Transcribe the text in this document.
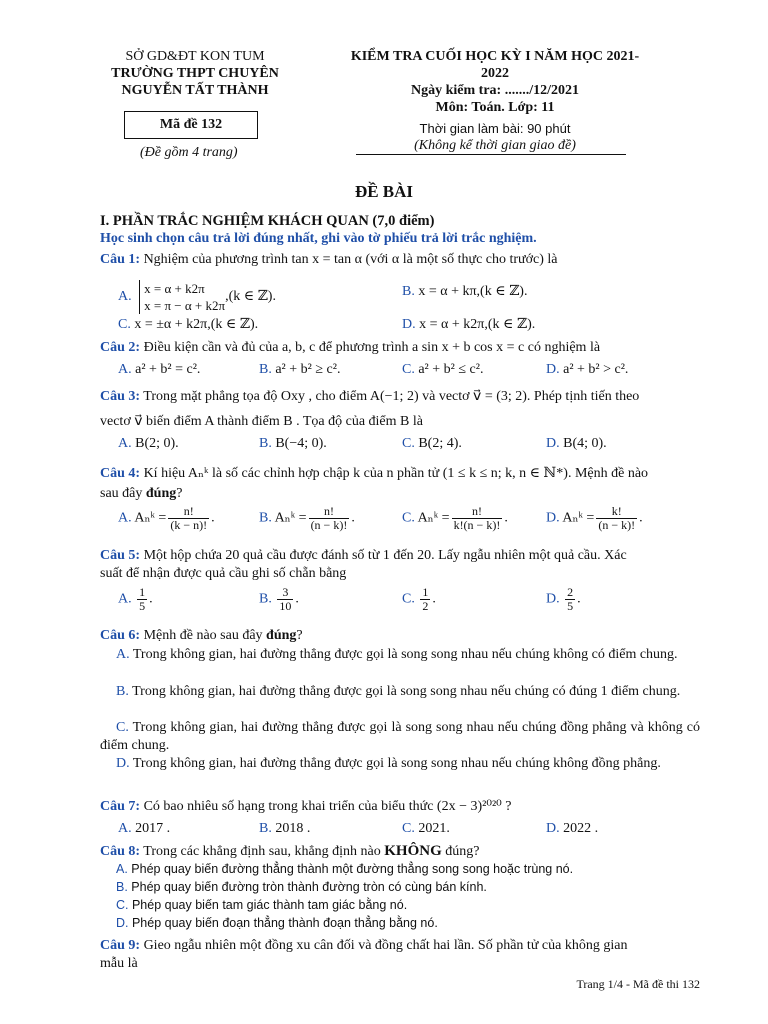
SỞ GD&ĐT KON TUM
TRƯỜNG THPT CHUYÊN
NGUYỄN TẤT THÀNH
Mã đề 132
(Đề gồm 4 trang)
KIỂM TRA CUỐI HỌC KỲ I NĂM HỌC 2021-2022
Ngày kiểm tra: ......./12/2021
Môn: Toán. Lớp: 11
Thời gian làm bài: 90 phút
(Không kể thời gian giao đề)
ĐỀ BÀI
I. PHẦN TRẮC NGHIỆM KHÁCH QUAN (7,0 điểm)
Học sinh chọn câu trả lời đúng nhất, ghi vào tờ phiếu trả lời trắc nghiệm.
Câu 1: Nghiệm của phương trình tan x = tan α (với α là một số thực cho trước) là
A.
x = α + k2π
x = π − α + k2π
,(k ∈ ℤ).	B. x = α + kπ,(k ∈ ℤ).
C. x = ±α + k2π,(k ∈ ℤ).	D. x = α + k2π,(k ∈ ℤ).
Câu 2: Điều kiện cần và đủ của a, b, c để phương trình a sin x + b cos x = c có nghiệm là
A. a² + b² = c².	B. a² + b² ≥ c².	C. a² + b² ≤ c².	D. a² + b² > c².
Câu 3: Trong mặt phẳng tọa độ Oxy , cho điểm A(−1; 2) và vectơ v⃗ = (3; 2). Phép tịnh tiến theo
vectơ v⃗ biến điểm A thành điểm B . Tọa độ của điểm B là
A. B(2; 0).	B. B(−4; 0).	C. B(2; 4).	D. B(4; 0).
Câu 4: Kí hiệu Aₙᵏ là số các chỉnh hợp chập k của n phần tử (1 ≤ k ≤ n; k, n ∈ ℕ*). Mệnh đề nào
sau đây đúng?
A. Aₙᵏ = $\frac{n!}{(k - n)!}$ .	B. Aₙᵏ = $\frac{n!}{(n - k)!}$ .	C. Aₙᵏ = $\frac{n!}{k!(n - k)!}$ .	D. Aₙᵏ = $\frac{k!}{(n - k)!}$ .
Câu 5: Một hộp chứa 20 quả cầu được đánh số từ 1 đến 20. Lấy ngẫu nhiên một quả cầu. Xác
suất để nhận được quả cầu ghi số chẵn bằng
A. $\frac{1}{5}$ .	B. $\frac{3}{10}$ .	C. $\frac{1}{2}$ .	D. $\frac{2}{5}$ .
Câu 6: Mệnh đề nào sau đây đúng?
A. Trong không gian, hai đường thẳng được gọi là song song nhau nếu chúng không có điểm chung.
B. Trong không gian, hai đường thẳng được gọi là song song nhau nếu chúng có đúng 1 điểm chung.
C. Trong không gian, hai đường thẳng được gọi là song song nhau nếu chúng đồng phẳng và không có điểm chung.
D. Trong không gian, hai đường thẳng được gọi là song song nhau nếu chúng không đồng phẳng.
Câu 7: Có bao nhiêu số hạng trong khai triển của biểu thức (2x − 3)²⁰²⁰ ?
A. 2017 .	B. 2018 .	C. 2021.	D. 2022 .
Câu 8: Trong các khẳng định sau, khẳng định nào KHÔNG đúng?
A. Phép quay biến đường thẳng thành một đường thẳng song song hoặc trùng nó.
B. Phép quay biến đường tròn thành đường tròn có cùng bán kính.
C. Phép quay biến tam giác thành tam giác bằng nó.
D. Phép quay biến đoạn thẳng thành đoạn thẳng bằng nó.
Câu 9: Gieo ngẫu nhiên một đồng xu cân đối và đồng chất hai lần. Số phần tử của không gian
mẫu là
Trang 1/4 - Mã đề thi 132
